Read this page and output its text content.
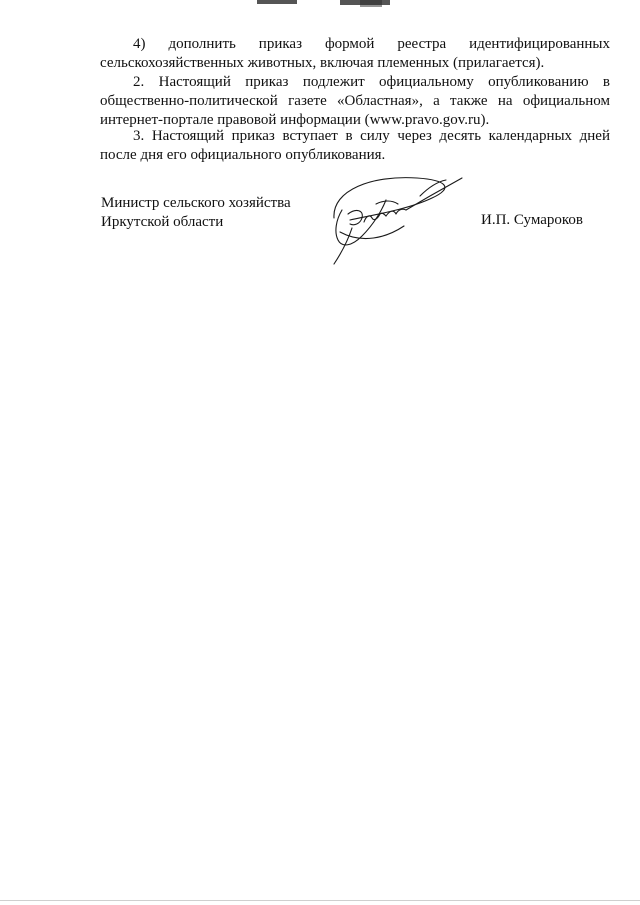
4) дополнить приказ формой реестра идентифицированных

сельскохозяйственных животных, включая племенных (прилагается).

2. Настоящий приказ подлежит официальному опубликованию в

общественно-политической газете «Областная», а также на официальном

интернет-портале правовой информации (www.pravo.gov.ru).

3. Настоящий приказ вступает в силу через десять календарных дней

после дня его официального опубликования.

Министр сельского хозяйства
Иркутской области	И.П. Сумароков
